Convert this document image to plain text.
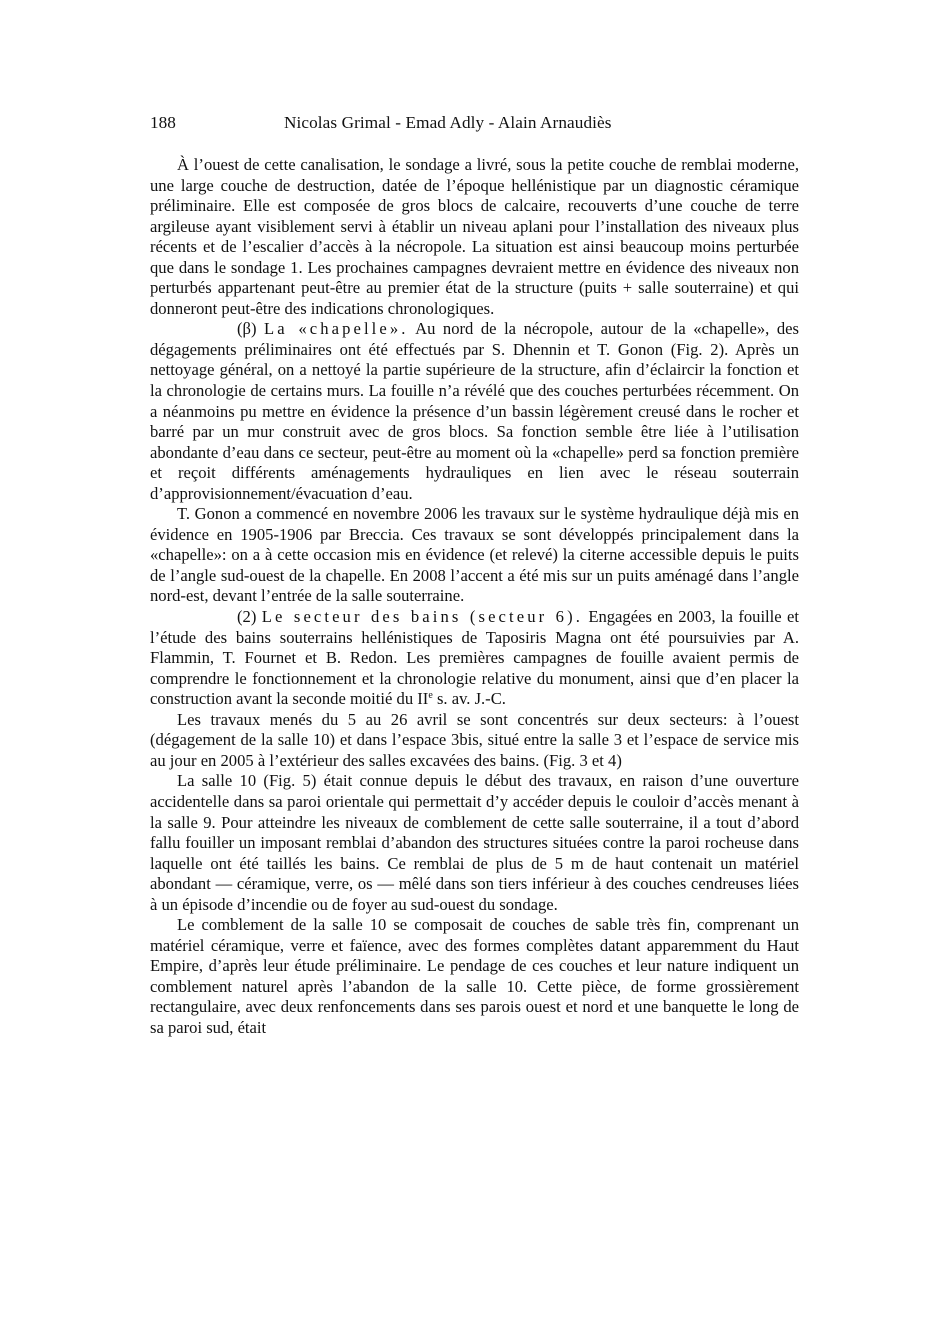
188	Nicolas Grimal - Emad Adly - Alain Arnaudiès

À l’ouest de cette canalisation, le sondage a livré, sous la petite couche de remblai moderne, une large couche de destruction, datée de l’époque hellénistique par un diagnostic céramique préliminaire. Elle est composée de gros blocs de calcaire, recouverts d’une couche de terre argileuse ayant visiblement servi à établir un niveau aplani pour l’installation des niveaux plus récents et de l’escalier d’accès à la nécropole. La situation est ainsi beaucoup moins perturbée que dans le sondage 1. Les prochaines campagnes devraient mettre en évidence des niveaux non perturbés appartenant peut-être au premier état de la structure (puits + salle souterraine) et qui donneront peut-être des indications chronologiques.

(β) La «chapelle». Au nord de la nécropole, autour de la «chapelle», des dégagements préliminaires ont été effectués par S. Dhennin et T. Gonon (Fig. 2). Après un nettoyage général, on a nettoyé la partie supérieure de la structure, afin d’éclaircir la fonction et la chronologie de certains murs. La fouille n’a révélé que des couches perturbées récemment. On a néanmoins pu mettre en évidence la présence d’un bassin légèrement creusé dans le rocher et barré par un mur construit avec de gros blocs. Sa fonction semble être liée à l’utilisation abondante d’eau dans ce secteur, peut-être au moment où la «chapelle» perd sa fonction première et reçoit différents aménagements hydrauliques en lien avec le réseau souterrain d’approvisionnement/évacuation d’eau.

T. Gonon a commencé en novembre 2006 les travaux sur le système hydraulique déjà mis en évidence en 1905-1906 par Breccia. Ces travaux se sont développés principalement dans la «chapelle»: on a à cette occasion mis en évidence (et relevé) la citerne accessible depuis le puits de l’angle sud-ouest de la chapelle. En 2008 l’accent a été mis sur un puits aménagé dans l’angle nord-est, devant l’entrée de la salle souterraine.

(2) Le secteur des bains (secteur 6). Engagées en 2003, la fouille et l’étude des bains souterrains hellénistiques de Taposiris Magna ont été poursuivies par A. Flammin, T. Fournet et B. Redon. Les premières campagnes de fouille avaient permis de comprendre le fonctionnement et la chronologie relative du monument, ainsi que d’en placer la construction avant la seconde moitié du IIe s. av. J.-C.

Les travaux menés du 5 au 26 avril se sont concentrés sur deux secteurs: à l’ouest (dégagement de la salle 10) et dans l’espace 3bis, situé entre la salle 3 et l’espace de service mis au jour en 2005 à l’extérieur des salles excavées des bains. (Fig. 3 et 4)

La salle 10 (Fig. 5) était connue depuis le début des travaux, en raison d’une ouverture accidentelle dans sa paroi orientale qui permettait d’y accéder depuis le couloir d’accès menant à la salle 9. Pour atteindre les niveaux de comblement de cette salle souterraine, il a tout d’abord fallu fouiller un imposant remblai d’abandon des structures situées contre la paroi rocheuse dans laquelle ont été taillés les bains. Ce remblai de plus de 5 m de haut contenait un matériel abondant — céramique, verre, os — mêlé dans son tiers inférieur à des couches cendreuses liées à un épisode d’incendie ou de foyer au sud-ouest du sondage.

Le comblement de la salle 10 se composait de couches de sable très fin, comprenant un matériel céramique, verre et faïence, avec des formes complètes datant apparemment du Haut Empire, d’après leur étude préliminaire. Le pendage de ces couches et leur nature indiquent un comblement naturel après l’abandon de la salle 10. Cette pièce, de forme grossièrement rectangulaire, avec deux renfoncements dans ses parois ouest et nord et une banquette le long de sa paroi sud, était
